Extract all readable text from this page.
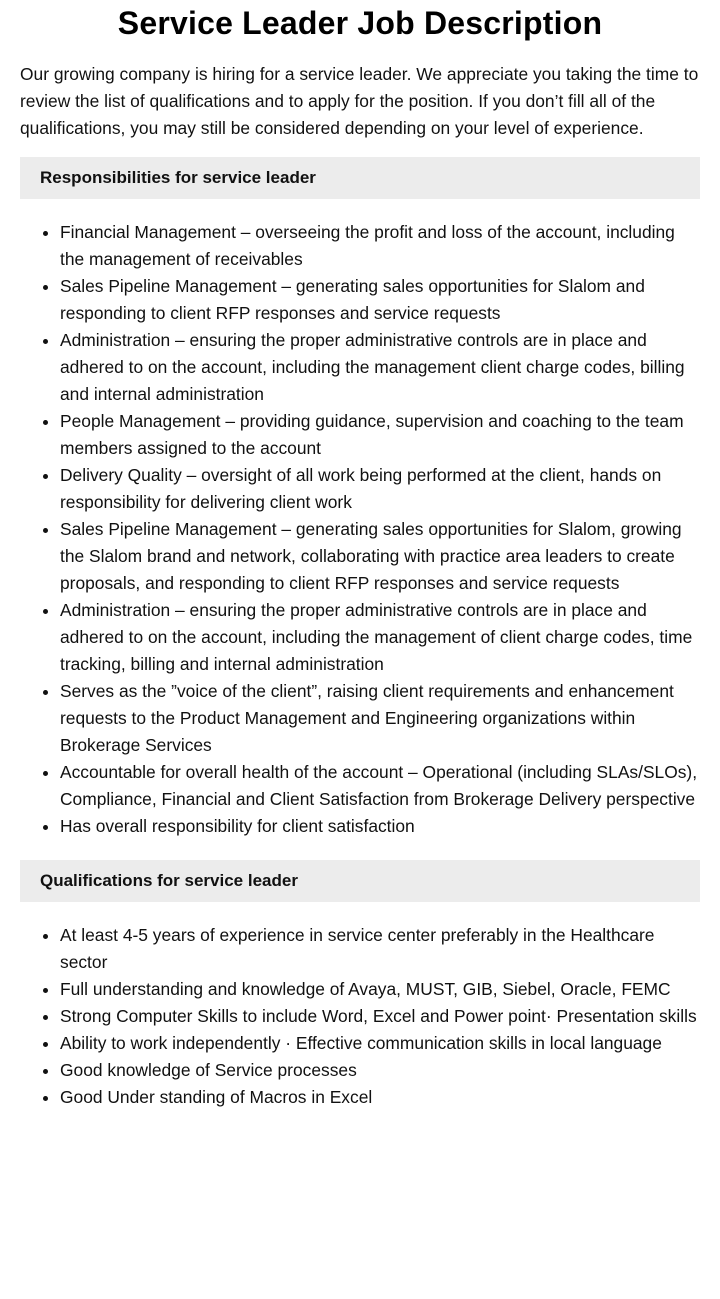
Service Leader Job Description

Our growing company is hiring for a service leader. We appreciate you taking the time to review the list of qualifications and to apply for the position. If you don’t fill all of the qualifications, you may still be considered depending on your level of experience.

Responsibilities for service leader
Financial Management – overseeing the profit and loss of the account, including the management of receivables
Sales Pipeline Management – generating sales opportunities for Slalom and responding to client RFP responses and service requests
Administration – ensuring the proper administrative controls are in place and adhered to on the account, including the management client charge codes, billing and internal administration
People Management – providing guidance, supervision and coaching to the team members assigned to the account
Delivery Quality – oversight of all work being performed at the client, hands on responsibility for delivering client work
Sales Pipeline Management – generating sales opportunities for Slalom, growing the Slalom brand and network, collaborating with practice area leaders to create proposals, and responding to client RFP responses and service requests
Administration – ensuring the proper administrative controls are in place and adhered to on the account, including the management of client charge codes, time tracking, billing and internal administration
Serves as the ”voice of the client”, raising client requirements and enhancement requests to the Product Management and Engineering organizations within Brokerage Services
Accountable for overall health of the account – Operational (including SLAs/SLOs), Compliance, Financial and Client Satisfaction from Brokerage Delivery perspective
Has overall responsibility for client satisfaction
Qualifications for service leader
At least 4-5 years of experience in service center preferably in the Healthcare sector
Full understanding and knowledge of Avaya, MUST, GIB, Siebel, Oracle, FEMC
Strong Computer Skills to include Word, Excel and Power point· Presentation skills
Ability to work independently · Effective communication skills in local language
Good knowledge of Service processes
Good Under standing of Macros in Excel
